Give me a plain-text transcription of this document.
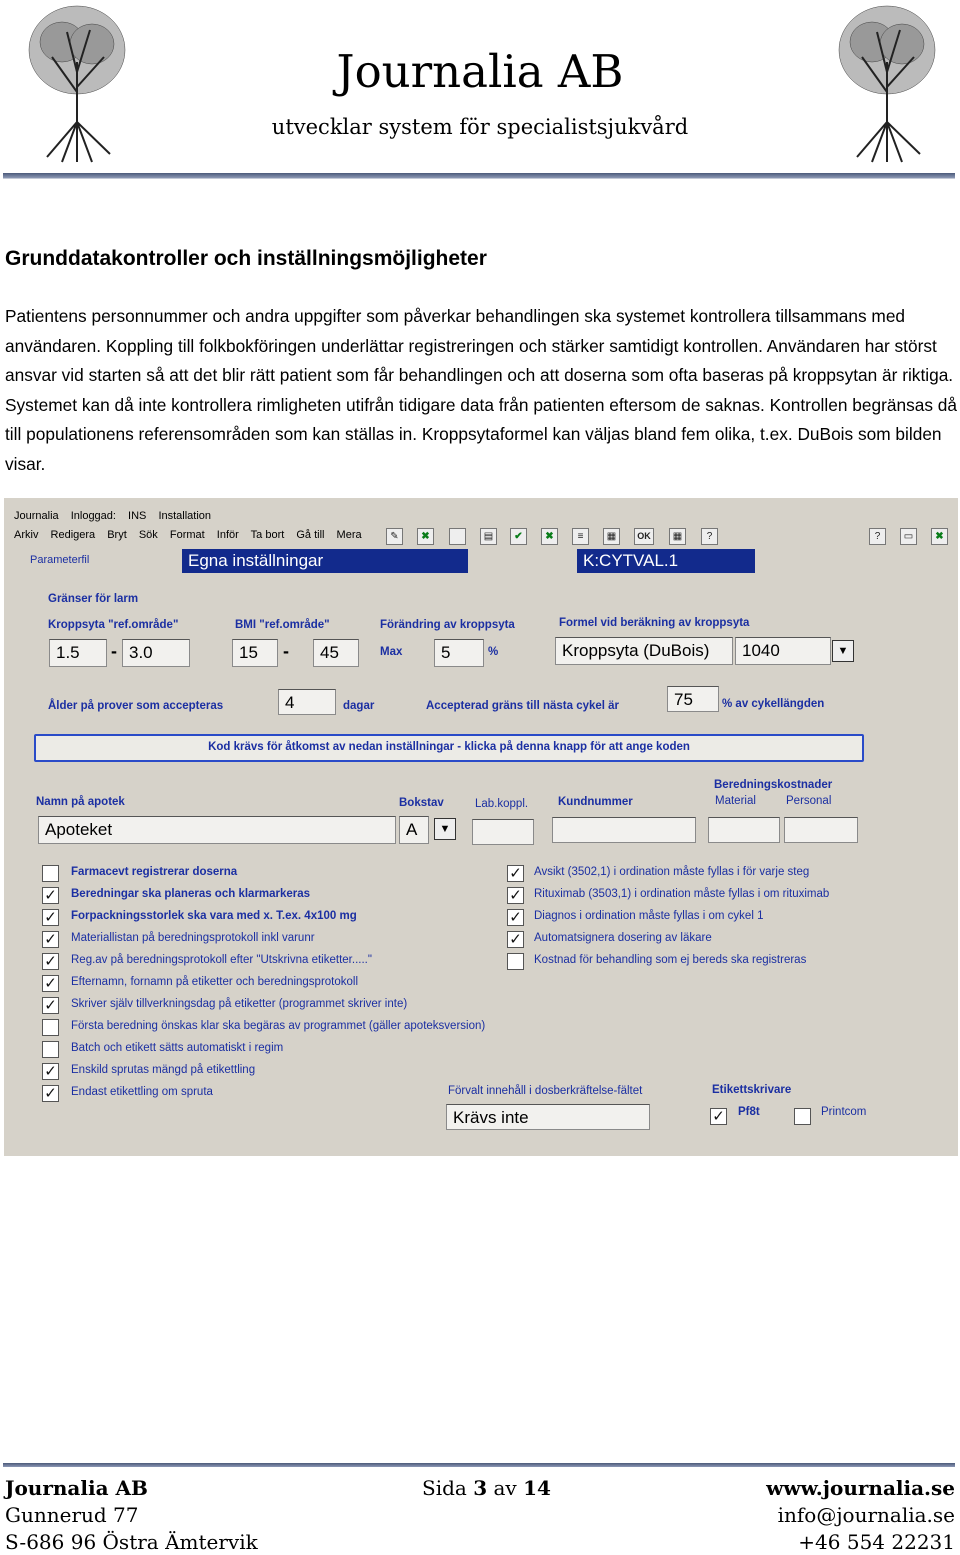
Journalia AB
utvecklar system för specialistsjukvård
Grunddatakontroller och inställningsmöjligheter
Patientens personnummer och andra uppgifter som påverkar behandlingen ska systemet kontrollera tillsammans med användaren. Koppling till folkbokföringen underlättar registreringen och stärker samtidigt kontrollen. Användaren har störst ansvar vid starten så att det blir rätt patient som får behandlingen och att doserna som ofta baseras på kroppsytan är riktiga. Systemet kan då inte kontrollera rimligheten utifrån tidigare data från patienten eftersom de saknas. Kontrollen begränsas då till populationens referensområden som kan ställas in. Kroppsytaformel kan väljas bland fem olika, t.ex. DuBois som bilden visar.
Journalia Inloggad: INS Installation
Arkiv Redigera Bryt Sök Format Inför Ta bort Gå till Mera	✎	✖	▤	✔	✖	≡	▦	OK	▦	?	?	▭	✖
Parameterfil	Egna inställningar	K:CYTVAL.1
Gränser för larm
Kroppsyta "ref.område"
1.5	- 3.0
BMI "ref.område"
15	-	45
Förändring av kroppsyta
Max	5	%
Formel vid beräkning av kroppsyta
Kroppsyta (DuBois)	1040	▼
Ålder på prover som accepteras	4	dagar	Accepterad gräns till nästa cykel är	75	% av cykellängden
Kod krävs för åtkomst av nedan inställningar - klicka på denna knapp för att ange koden
Namn på apotek
Apoteket
Bokstav
A	▼
Lab.koppl.	Kundnummer
Beredningskostnader
Material	Personal
Farmacevt registrerar doserna
✓ Beredningar ska planeras och klarmarkeras
✓ Forpackningsstorlek ska vara med x. T.ex. 4x100 mg
✓ Materiallistan på beredningsprotokoll inkl varunr
✓ Reg.av på beredningsprotokoll efter "Utskrivna etiketter....."
✓ Efternamn, fornamn på etiketter och beredningsprotokoll
✓ Skriver själv tillverkningsdag på etiketter (programmet skriver inte)
Första beredning önskas klar ska begäras av programmet (gäller apoteksversion)
Batch och etikett sätts automatiskt i regim
✓ Enskild sprutas mängd på etikettling
✓ Endast etikettling om spruta
✓ Avsikt (3502,1) i ordination måste fyllas i för varje steg
✓ Rituximab (3503,1) i ordination måste fyllas i om rituximab
✓ Diagnos i ordination måste fyllas i om cykel 1
✓ Automatsignera dosering av läkare
Kostnad för behandling som ej bereds ska registreras
Förvalt innehåll i dosberkräftelse-fältet
Krävs inte
Etikettskrivare
✓ Pf8t	Printcom
Journalia AB	Sida 3 av 14	www.journalia.se
Gunnerud 77	info@journalia.se
S-686 96 Östra Ämtervik	+46 554 22231
